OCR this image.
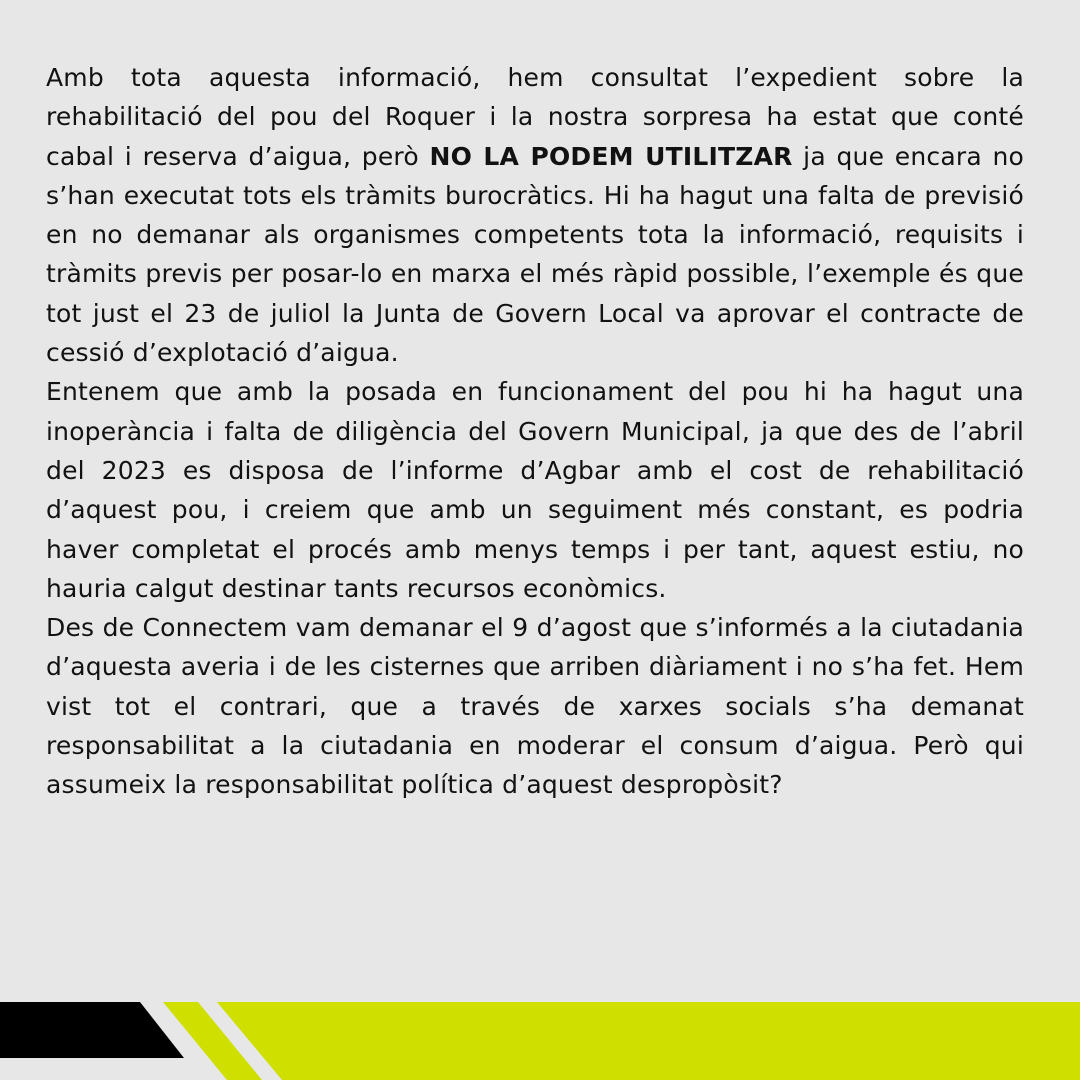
Amb tota aquesta informació, hem consultat l’expedient sobre la rehabilitació del pou del Roquer i la nostra sorpresa ha estat que conté cabal i reserva d’aigua, però NO LA PODEM UTILITZAR ja que encara no s’han executat tots els tràmits burocràtics. Hi ha hagut una falta de previsió en no demanar als organismes competents tota la informació, requisits i tràmits previs per posar-lo en marxa el més ràpid possible, l’exemple és que tot just el 23 de juliol la Junta de Govern Local va aprovar el contracte de cessió d’explotació d’aigua.

Entenem que amb la posada en funcionament del pou hi ha hagut una inoperància i falta de diligència del Govern Municipal, ja que des de l’abril del 2023 es disposa de l’informe d’Agbar amb el cost de rehabilitació d’aquest pou, i creiem que amb un seguiment més constant, es podria haver completat el procés amb menys temps i per tant, aquest estiu, no hauria calgut destinar tants recursos econòmics.

Des de Connectem vam demanar el 9 d’agost que s’informés a la ciutadania d’aquesta averia i de les cisternes que arriben diàriament i no s’ha fet. Hem vist tot el contrari, que a través de xarxes socials s’ha demanat responsabilitat a la ciutadania en moderar el consum d’aigua. Però qui assumeix la responsabilitat política d’aquest despropòsit?
